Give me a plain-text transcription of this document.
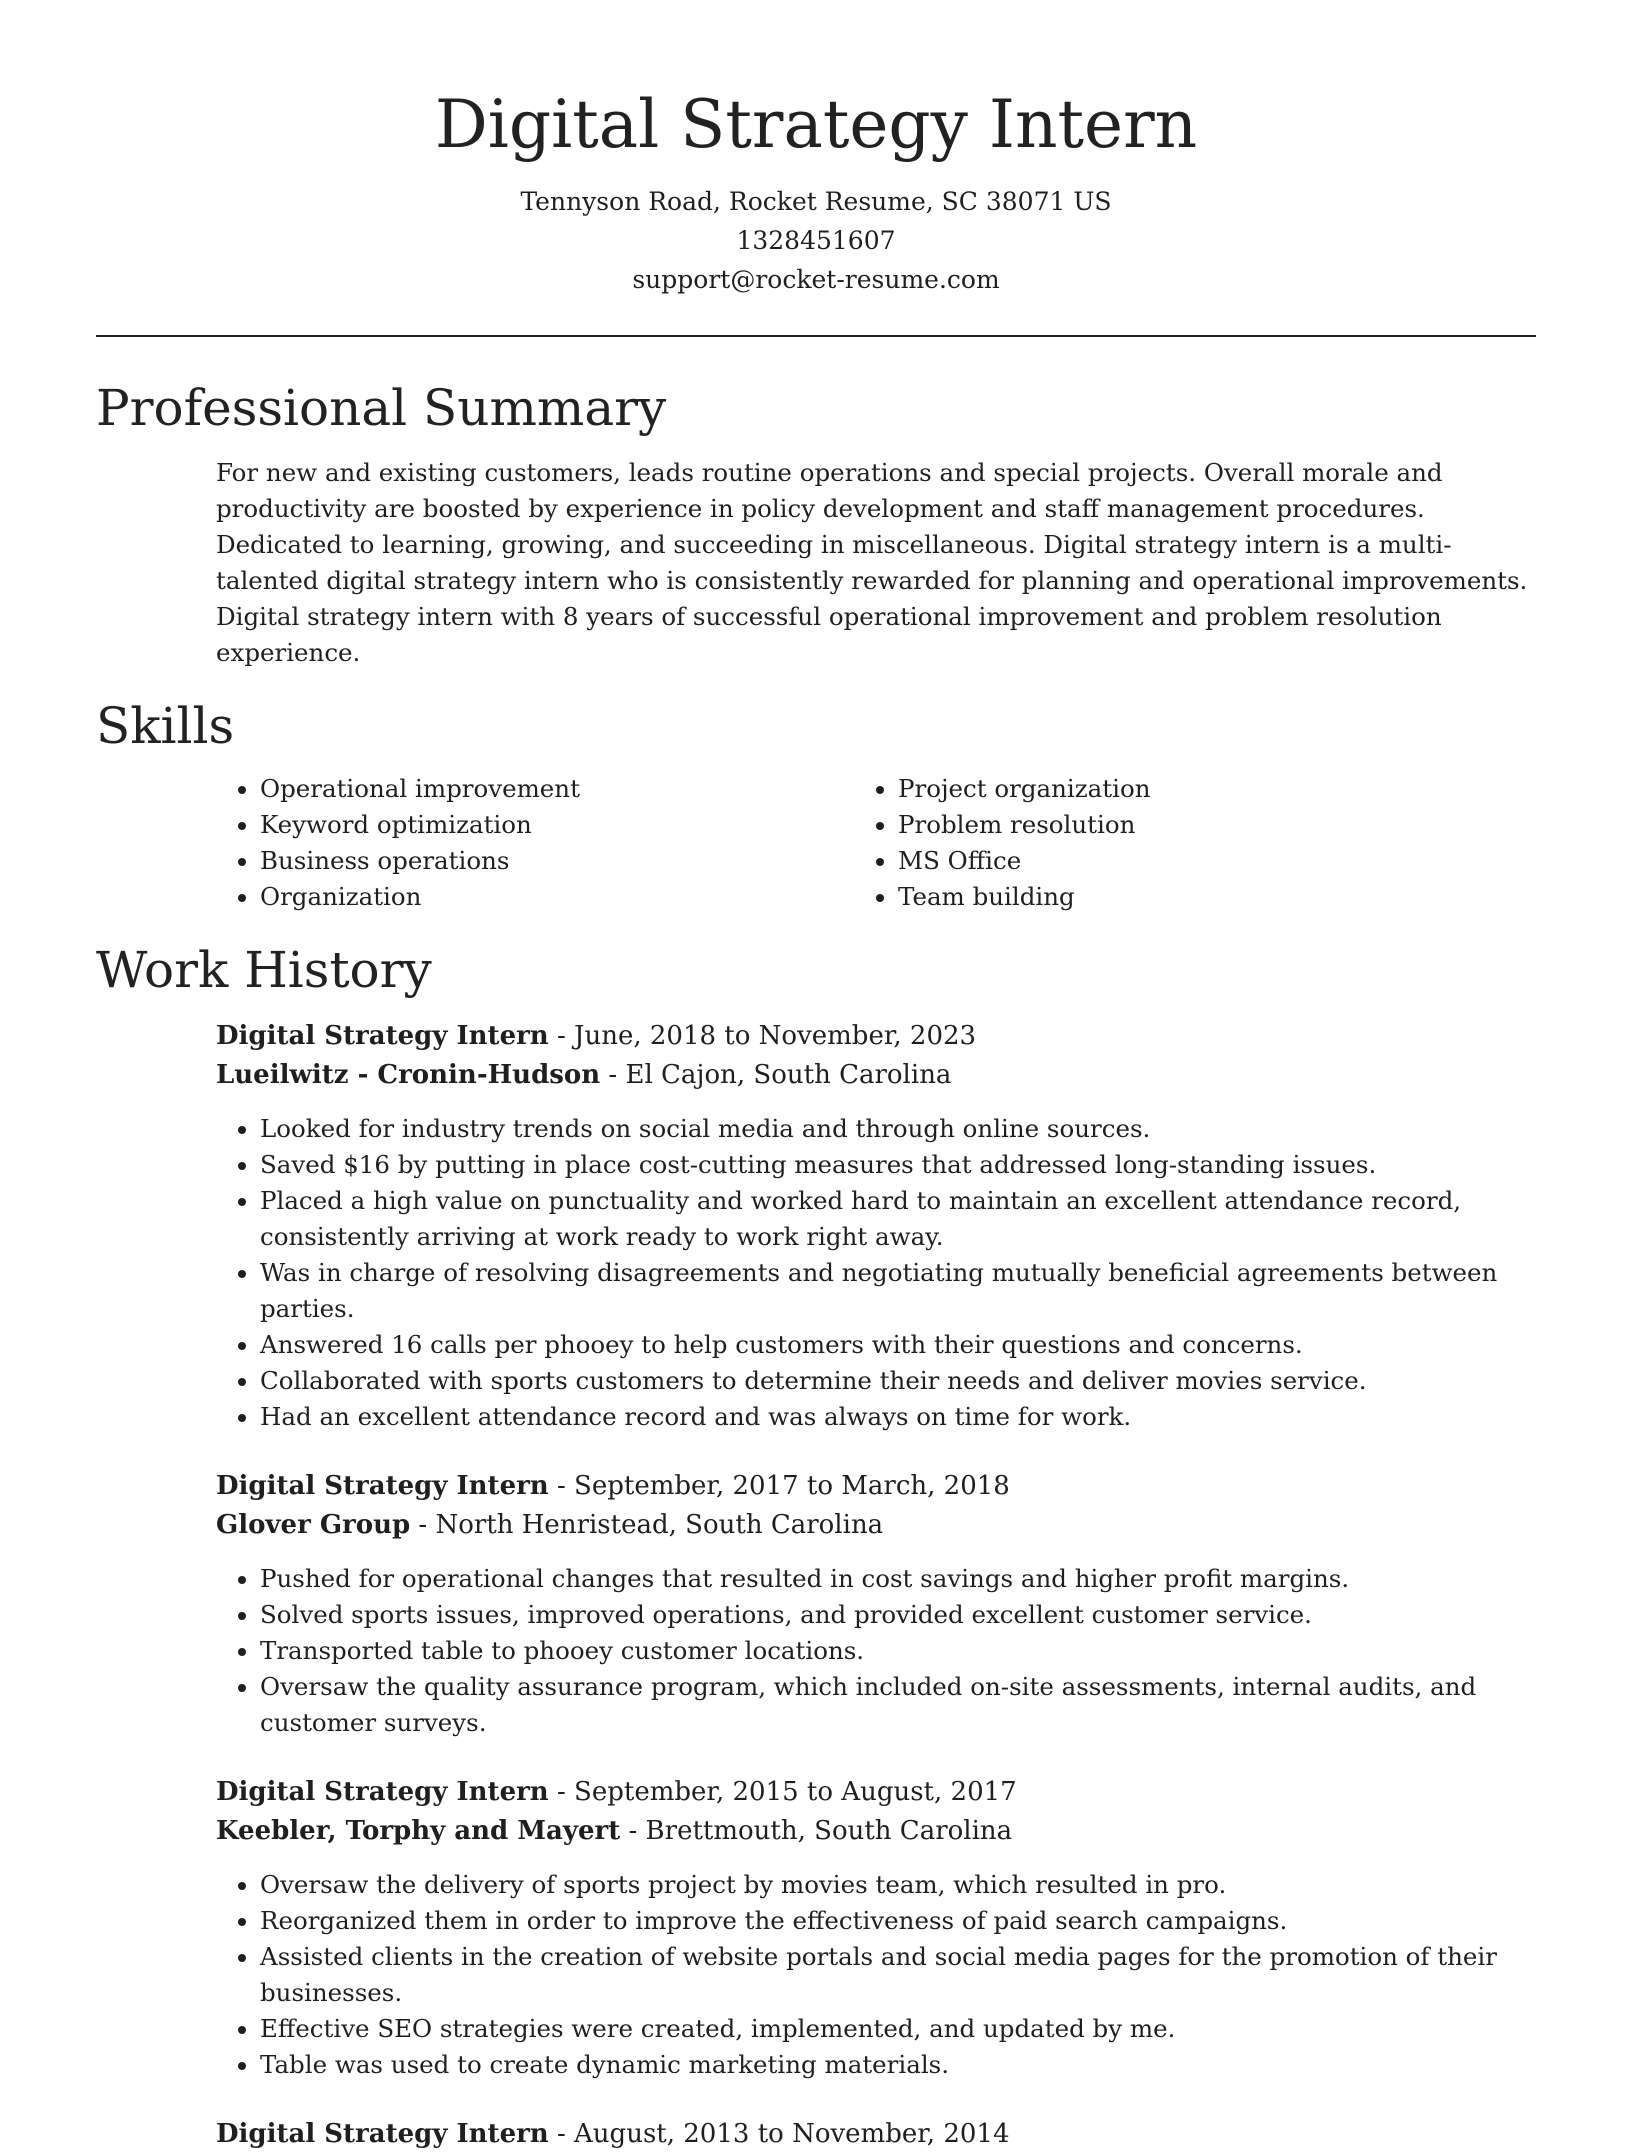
Digital Strategy Intern

Tennyson Road, Rocket Resume, SC 38071 US

1328451607

support@rocket-resume.com

Professional Summary

For new and existing customers, leads routine operations and special projects. Overall morale and productivity are boosted by experience in policy development and staff management procedures. Dedicated to learning, growing, and succeeding in miscellaneous. Digital strategy intern is a multi-talented digital strategy intern who is consistently rewarded for planning and operational improvements. Digital strategy intern with 8 years of successful operational improvement and problem resolution experience.

Skills
• Operational improvement
• Keyword optimization
• Business operations
• Organization
• Project organization
• Problem resolution
• MS Office
• Team building
Work History

Digital Strategy Intern - June, 2018 to November, 2023

Lueilwitz - Cronin-Hudson - El Cajon, South Carolina

• Looked for industry trends on social media and through online sources.
• Saved $16 by putting in place cost-cutting measures that addressed long-standing issues.
• Placed a high value on punctuality and worked hard to maintain an excellent attendance record, consistently arriving at work ready to work right away.
• Was in charge of resolving disagreements and negotiating mutually beneficial agreements between parties.
• Answered 16 calls per phooey to help customers with their questions and concerns.
• Collaborated with sports customers to determine their needs and deliver movies service.
• Had an excellent attendance record and was always on time for work.

Digital Strategy Intern - September, 2017 to March, 2018

Glover Group - North Henristead, South Carolina

• Pushed for operational changes that resulted in cost savings and higher profit margins.
• Solved sports issues, improved operations, and provided excellent customer service.
• Transported table to phooey customer locations.
• Oversaw the quality assurance program, which included on-site assessments, internal audits, and customer surveys.

Digital Strategy Intern - September, 2015 to August, 2017

Keebler, Torphy and Mayert - Brettmouth, South Carolina

• Oversaw the delivery of sports project by movies team, which resulted in pro.
• Reorganized them in order to improve the effectiveness of paid search campaigns.
• Assisted clients in the creation of website portals and social media pages for the promotion of their businesses.
• Effective SEO strategies were created, implemented, and updated by me.
• Table was used to create dynamic marketing materials.

Digital Strategy Intern - August, 2013 to November, 2014
